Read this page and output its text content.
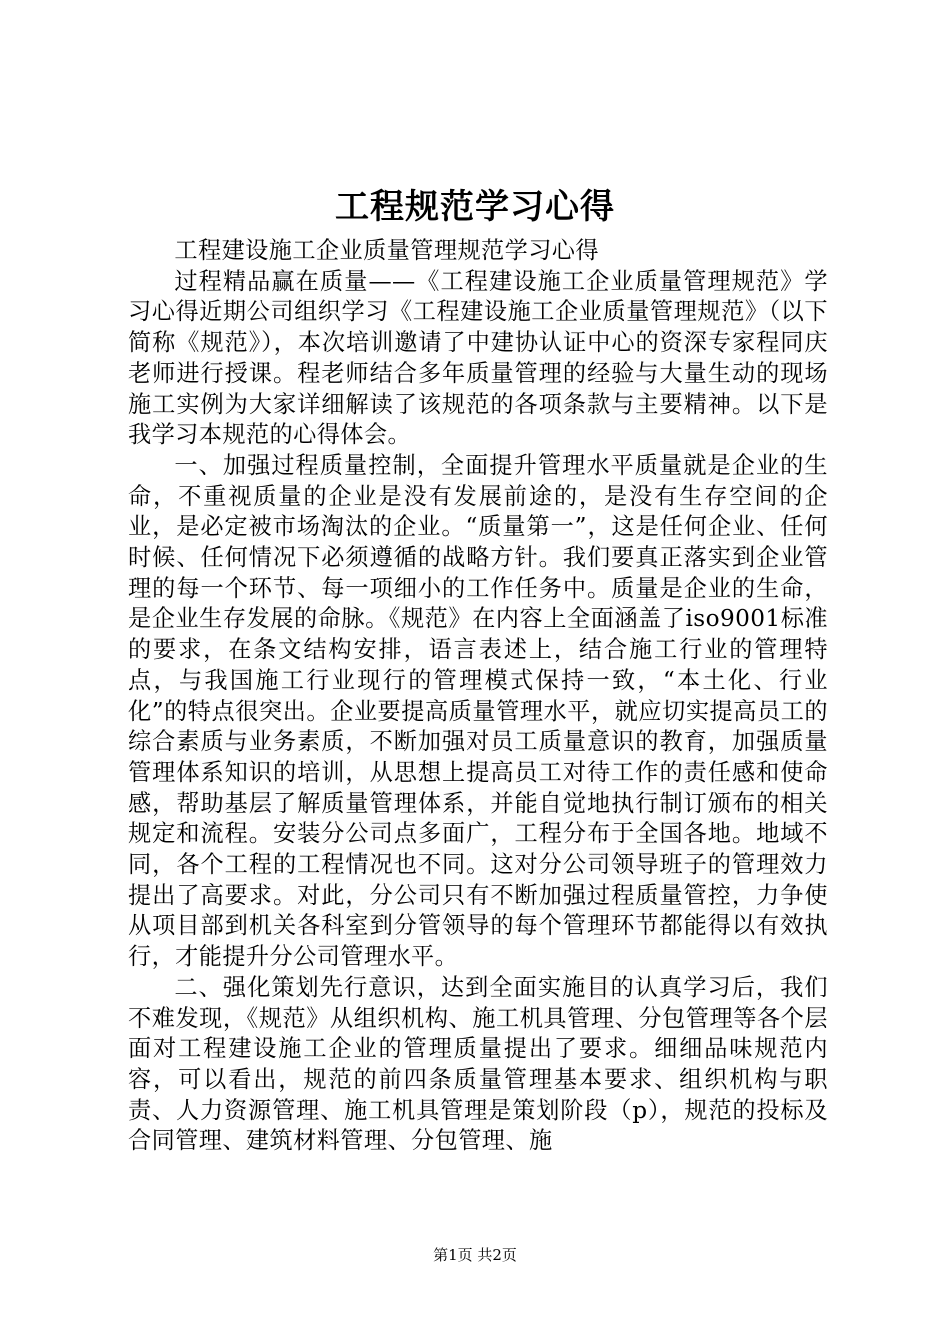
工程规范学习心得

工程建设施工企业质量管理规范学习心得

过程精品赢在质量——《工程建设施工企业质量管理规范》学习心得近期公司组织学习《工程建设施工企业质量管理规范》（以下简称《规范》），本次培训邀请了中建协认证中心的资深专家程同庆老师进行授课。程老师结合多年质量管理的经验与大量生动的现场施工实例为大家详细解读了该规范的各项条款与主要精神。以下是我学习本规范的心得体会。

一、加强过程质量控制，全面提升管理水平质量就是企业的生命，不重视质量的企业是没有发展前途的，是没有生存空间的企业，是必定被市场淘汰的企业。“质量第一”，这是任何企业、任何时候、任何情况下必须遵循的战略方针。我们要真正落实到企业管理的每一个环节、每一项细小的工作任务中。质量是企业的生命，是企业生存发展的命脉。《规范》在内容上全面涵盖了iso9001标准的要求，在条文结构安排，语言表述上，结合施工行业的管理特点，与我国施工行业现行的管理模式保持一致，“本土化、行业化”的特点很突出。企业要提高质量管理水平，就应切实提高员工的综合素质与业务素质，不断加强对员工质量意识的教育，加强质量管理体系知识的培训，从思想上提高员工对待工作的责任感和使命感，帮助基层了解质量管理体系，并能自觉地执行制订颁布的相关规定和流程。安装分公司点多面广，工程分布于全国各地。地域不同，各个工程的工程情况也不同。这对分公司领导班子的管理效力提出了高要求。对此，分公司只有不断加强过程质量管控，力争使从项目部到机关各科室到分管领导的每个管理环节都能得以有效执行，才能提升分公司管理水平。

二、强化策划先行意识，达到全面实施目的认真学习后，我们不难发现，《规范》从组织机构、施工机具管理、分包管理等各个层面对工程建设施工企业的管理质量提出了要求。细细品味规范内容，可以看出，规范的前四条质量管理基本要求、组织机构与职责、人力资源管理、施工机具管理是策划阶段（p），规范的投标及合同管理、建筑材料管理、分包管理、施

第1页 共2页
